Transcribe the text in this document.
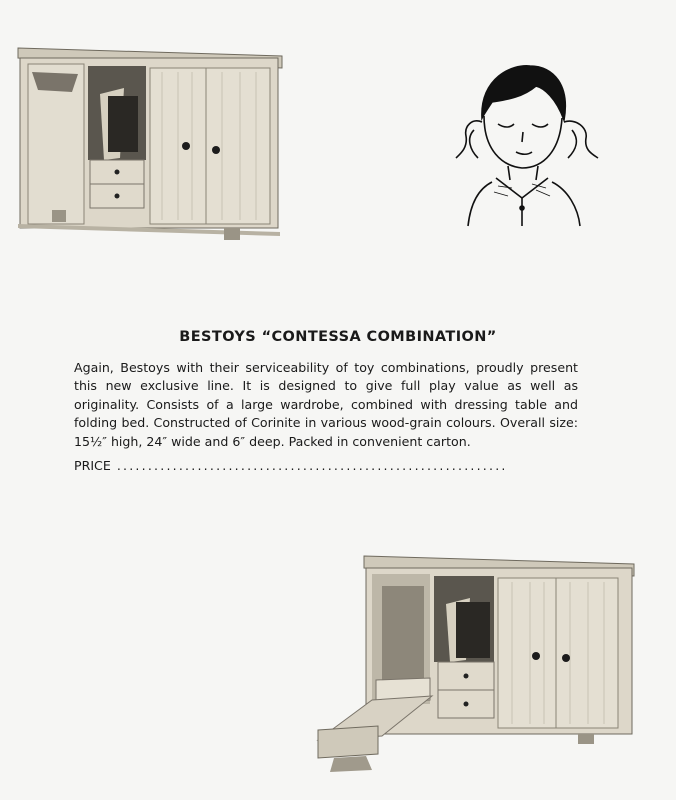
BESTOYS “CONTESSA COMBINATION”

Again, Bestoys with their serviceability of toy combinations, proudly present this new exclusive line. It is designed to give full play value as well as originality. Consists of a large wardrobe, combined with dressing table and folding bed. Constructed of Corinite in various wood-grain colours. Overall size: 15½″ high, 24″ wide and 6″ deep. Packed in convenient carton.

PRICE ...............................................................
